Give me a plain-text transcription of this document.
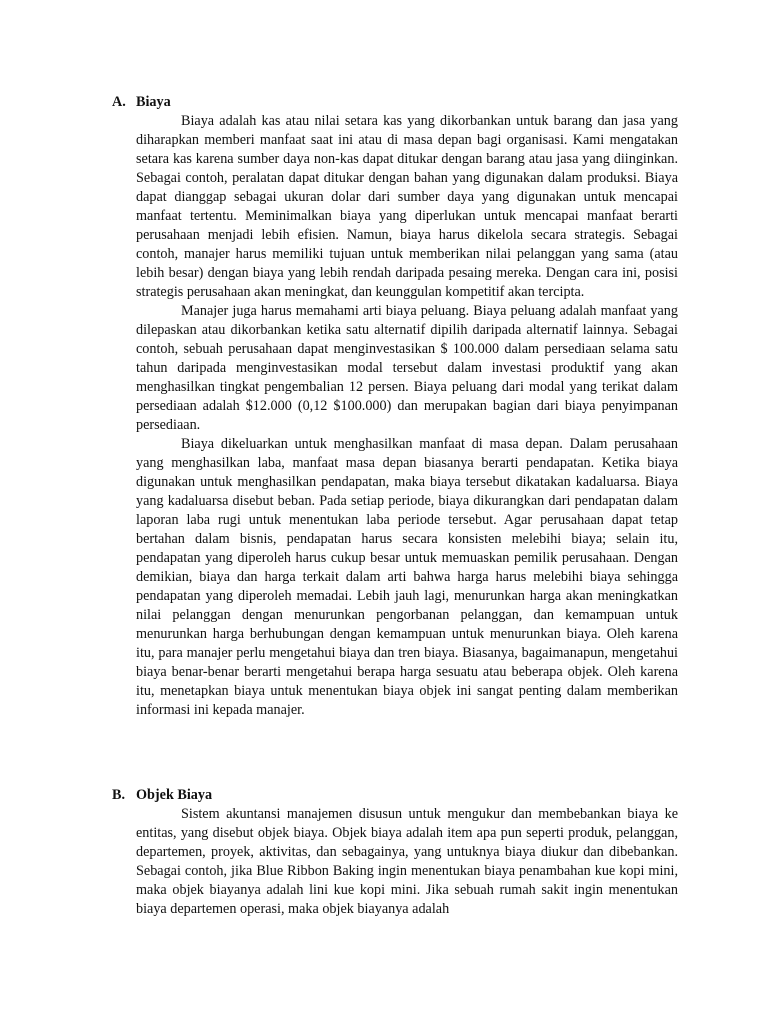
A. Biaya

Biaya adalah kas atau nilai setara kas yang dikorbankan untuk barang dan jasa yang diharapkan memberi manfaat saat ini atau di masa depan bagi organisasi. Kami mengatakan setara kas karena sumber daya non-kas dapat ditukar dengan barang atau jasa yang diinginkan. Sebagai contoh, peralatan dapat ditukar dengan bahan yang digunakan dalam produksi. Biaya dapat dianggap sebagai ukuran dolar dari sumber daya yang digunakan untuk mencapai manfaat tertentu. Meminimalkan biaya yang diperlukan untuk mencapai manfaat berarti perusahaan menjadi lebih efisien. Namun, biaya harus dikelola secara strategis. Sebagai contoh, manajer harus memiliki tujuan untuk memberikan nilai pelanggan yang sama (atau lebih besar) dengan biaya yang lebih rendah daripada pesaing mereka. Dengan cara ini, posisi strategis perusahaan akan meningkat, dan keunggulan kompetitif akan tercipta.

Manajer juga harus memahami arti biaya peluang. Biaya peluang adalah manfaat yang dilepaskan atau dikorbankan ketika satu alternatif dipilih daripada alternatif lainnya. Sebagai contoh, sebuah perusahaan dapat menginvestasikan $ 100.000 dalam persediaan selama satu tahun daripada menginvestasikan modal tersebut dalam investasi produktif yang akan menghasilkan tingkat pengembalian 12 persen. Biaya peluang dari modal yang terikat dalam persediaan adalah $12.000 (0,12 $100.000) dan merupakan bagian dari biaya penyimpanan persediaan.

Biaya dikeluarkan untuk menghasilkan manfaat di masa depan. Dalam perusahaan yang menghasilkan laba, manfaat masa depan biasanya berarti pendapatan. Ketika biaya digunakan untuk menghasilkan pendapatan, maka biaya tersebut dikatakan kadaluarsa. Biaya yang kadaluarsa disebut beban. Pada setiap periode, biaya dikurangkan dari pendapatan dalam laporan laba rugi untuk menentukan laba periode tersebut. Agar perusahaan dapat tetap bertahan dalam bisnis, pendapatan harus secara konsisten melebihi biaya; selain itu, pendapatan yang diperoleh harus cukup besar untuk memuaskan pemilik perusahaan. Dengan demikian, biaya dan harga terkait dalam arti bahwa harga harus melebihi biaya sehingga pendapatan yang diperoleh memadai. Lebih jauh lagi, menurunkan harga akan meningkatkan nilai pelanggan dengan menurunkan pengorbanan pelanggan, dan kemampuan untuk menurunkan harga berhubungan dengan kemampuan untuk menurunkan biaya. Oleh karena itu, para manajer perlu mengetahui biaya dan tren biaya. Biasanya, bagaimanapun, mengetahui biaya benar-benar berarti mengetahui berapa harga sesuatu atau beberapa objek. Oleh karena itu, menetapkan biaya untuk menentukan biaya objek ini sangat penting dalam memberikan informasi ini kepada manajer.

B. Objek Biaya

Sistem akuntansi manajemen disusun untuk mengukur dan membebankan biaya ke entitas, yang disebut objek biaya. Objek biaya adalah item apa pun seperti produk, pelanggan, departemen, proyek, aktivitas, dan sebagainya, yang untuknya biaya diukur dan dibebankan. Sebagai contoh, jika Blue Ribbon Baking ingin menentukan biaya penambahan kue kopi mini, maka objek biayanya adalah lini kue kopi mini. Jika sebuah rumah sakit ingin menentukan biaya departemen operasi, maka objek biayanya adalah
